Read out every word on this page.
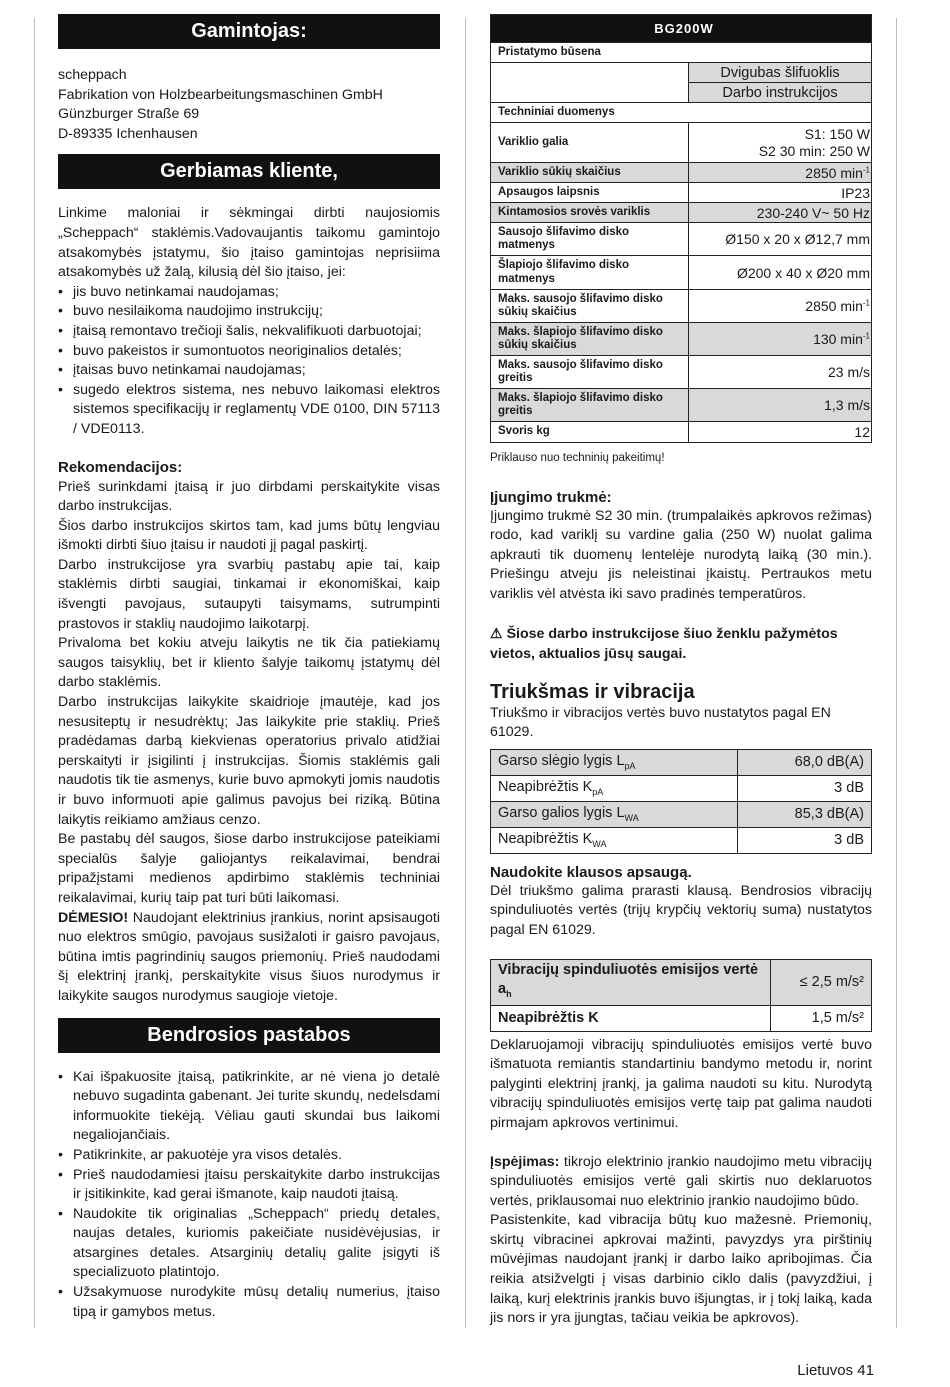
Gamintojas:

scheppach

Fabrikation von Holzbearbeitungsmaschinen GmbH

Günzburger Straße 69

D-89335 Ichenhausen

Gerbiamas kliente,

Linkime maloniai ir sėkmingai dirbti naujosiomis „Scheppach“ staklėmis.Vadovaujantis taikomu gamintojo atsakomybės įstatymu, šio įtaiso gamintojas neprisiima atsakomybės už žalą, kilusią dėl šio įtaiso, jei:

• jis buvo netinkamai naudojamas;
• buvo nesilaikoma naudojimo instrukcijų;
• įtaisą remontavo trečioji šalis, nekvalifikuoti darbuotojai;
• buvo pakeistos ir sumontuotos neoriginalios detalės;
• įtaisas buvo netinkamai naudojamas;
• sugedo elektros sistema, nes nebuvo laikomasi elektros sistemos specifikacijų ir reglamentų VDE 0100, DIN 57113 / VDE0113.
Rekomendacijos:

Prieš surinkdami įtaisą ir juo dirbdami perskaitykite visas darbo instrukcijas.

Šios darbo instrukcijos skirtos tam, kad jums būtų lengviau išmokti dirbti šiuo įtaisu ir naudoti jį pagal paskirtį.

Darbo instrukcijose yra svarbių pastabų apie tai, kaip staklėmis dirbti saugiai, tinkamai ir ekonomiškai, kaip išvengti pavojaus, sutaupyti taisymams, sutrumpinti prastovos ir staklių naudojimo laikotarpį.

Privaloma bet kokiu atveju laikytis ne tik čia patiekiamų saugos taisyklių, bet ir kliento šalyje taikomų įstatymų dėl darbo staklėmis.

Darbo instrukcijas laikykite skaidrioje įmautėje, kad jos nesusiteptų ir nesudrėktų; Jas laikykite prie staklių. Prieš pradėdamas darbą kiekvienas operatorius privalo atidžiai perskaityti ir įsigilinti į instrukcijas. Šiomis staklėmis gali naudotis tik tie asmenys, kurie buvo apmokyti jomis naudotis ir buvo informuoti apie galimus pavojus bei riziką. Būtina laikytis reikiamo amžiaus cenzo.

Be pastabų dėl saugos, šiose darbo instrukcijose pateikiami specialūs šalyje galiojantys reikalavimai, bendrai pripažįstami medienos apdirbimo staklėmis techniniai reikalavimai, kurių taip pat turi būti laikomasi.

DĖMESIO! Naudojant elektrinius įrankius, norint apsisaugoti nuo elektros smūgio, pavojaus susižaloti ir gaisro pavojaus, būtina imtis pagrindinių saugos priemonių. Prieš naudodami šį elektrinį įrankį, perskaitykite visus šiuos nurodymus ir laikykite saugos nurodymus saugioje vietoje.

Bendrosios pastabos
• Kai išpakuosite įtaisą, patikrinkite, ar nė viena jo detalė nebuvo sugadinta gabenant. Jei turite skundų, nedelsdami informuokite tiekėją. Vėliau gauti skundai bus laikomi negaliojančiais.
• Patikrinkite, ar pakuotėje yra visos detalės.
• Prieš naudodamiesi įtaisu perskaitykite darbo instrukcijas ir įsitikinkite, kad gerai išmanote, kaip naudoti įtaisą.
• Naudokite tik originalias „Scheppach“ priedų detales, naujas detales, kuriomis pakeičiate nusidėvėjusias, ir atsargines detales. Atsarginių detalių galite įsigyti iš specializuoto platintojo.
• Užsakymuose nurodykite mūsų detalių numerius, įtaiso tipą ir gamybos metus.
BG200W	
Pristatymo būsena	
	Dvigubas šlifuoklis
	Darbo instrukcijos
Techniniai duomenys	
Variklio galia	S1: 150 W
S2 30 min: 250 W
Variklio sūkių skaičius	2850 $\min^{-1}$
Apsaugos laipsnis	IP23
Kintamosios srovės variklis	230-240 V~ 50 Hz
Sausojo šlifavimo disko matmenys	Ø150 x 20 x Ø12,7 mm
Šlapiojo šlifavimo disko matmenys	Ø200 x 40 x Ø20 mm
Maks. sausojo šlifavimo disko sūkių skaičius	2850 $\min^{-1}$
Maks. šlapiojo šlifavimo disko sūkių skaičius	130 $\min^{-1}$
Maks. sausojo šlifavimo disko greitis	23 m/s
Maks. šlapiojo šlifavimo disko greitis	1,3 m/s
Svoris kg	12

Priklauso nuo techninių pakeitimų!

Įjungimo trukmė:

Įjungimo trukmė S2 30 min. (trumpalaikės apkrovos režimas) rodo, kad variklį su vardine galia (250 W) nuolat galima apkrauti tik duomenų lentelėje nurodytą laiką (30 min.). Priešingu atveju jis neleistinai įkaistų. Pertraukos metu variklis vėl atvėsta iki savo pradinės temperatūros.

⚠ Šiose darbo instrukcijose šiuo ženklu pažymėtos vietos, aktualios jūsų saugai.

Triukšmas ir vibracija

Triukšmo ir vibracijos vertės buvo nustatytos pagal EN 61029.

Garso slėgio lygis $L_{pA}$	68,0 dB(A)
Neapibrėžtis $K_{pA}$	3 dB
Garso galios lygis $L_{WA}$	85,3 dB(A)
Neapibrėžtis $K_{WA}$	3 dB
Naudokite klausos apsaugą.

Dėl triukšmo galima prarasti klausą. Bendrosios vibracijų spinduliuotės vertės (trijų krypčių vektorių suma) nustatytos pagal EN 61029.

Vibracijų spinduliuotės emisijos vertė $a_h$	≤ 2,5 m/s²
Neapibrėžtis K	1,5 m/s²

Deklaruojamoji vibracijų spinduliuotės emisijos vertė buvo išmatuota remiantis standartiniu bandymo metodu ir, norint palyginti elektrinį įrankį, ja galima naudoti su kitu. Nurodytą vibracijų spinduliuotės emisijos vertę taip pat galima naudoti pirmajam apkrovos vertinimui.

Įspėjimas: tikrojo elektrinio įrankio naudojimo metu vibracijų spinduliuotės emisijos vertė gali skirtis nuo deklaruotos vertės, priklausomai nuo elektrinio įrankio naudojimo būdo.

Pasistenkite, kad vibracija būtų kuo mažesnė. Priemonių, skirtų vibracinei apkrovai mažinti, pavyzdys yra pirštinių mūvėjimas naudojant įrankį ir darbo laiko apribojimas. Čia reikia atsižvelgti į visas darbinio ciklo dalis (pavyzdžiui, į laiką, kurį elektrinis įrankis buvo išjungtas, ir į tokį laiką, kada jis nors ir yra įjungtas, tačiau veikia be apkrovos).

Lietuvos 41
